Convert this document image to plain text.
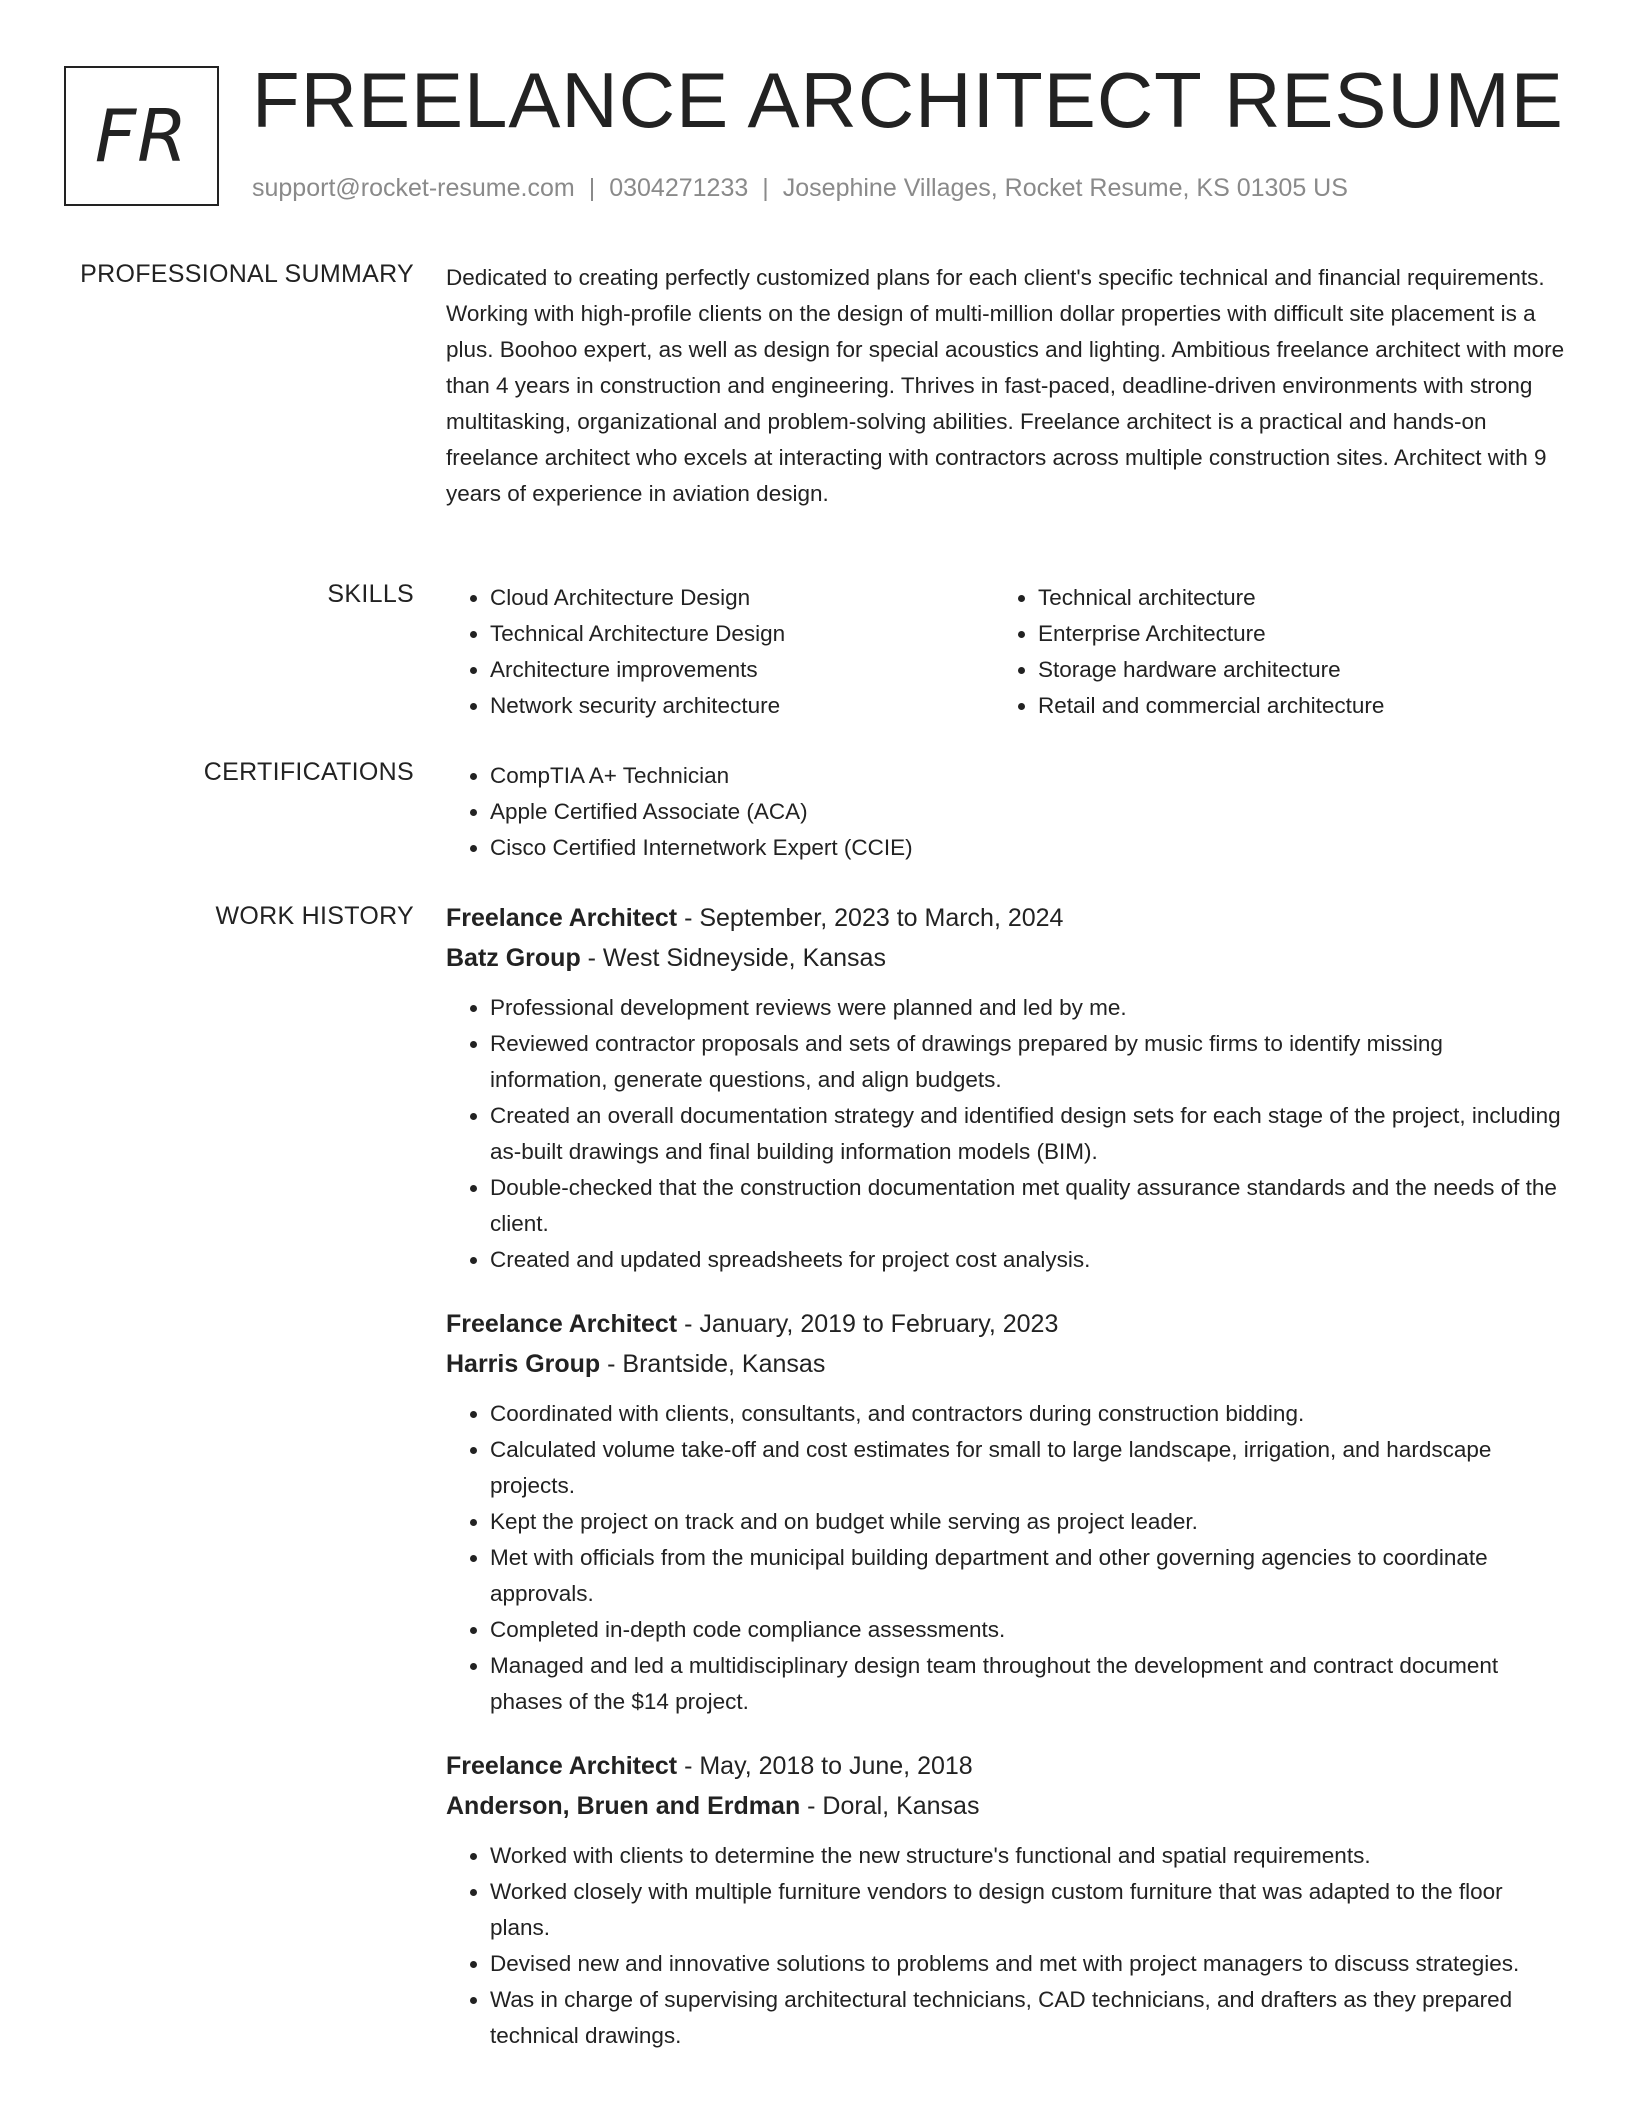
FR FREELANCE ARCHITECT RESUME
support@rocket-resume.com | 0304271233 | Josephine Villages, Rocket Resume, KS 01305 US
PROFESSIONAL SUMMARY Dedicated to creating perfectly customized plans for each client's specific technical and financial requirements. Working with high-profile clients on the design of multi-million dollar properties with difficult site placement is a plus. Boohoo expert, as well as design for special acoustics and lighting. Ambitious freelance architect with more than 4 years in construction and engineering. Thrives in fast-paced, deadline-driven environments with strong multitasking, organizational and problem-solving abilities. Freelance architect is a practical and hands-on freelance architect who excels at interacting with contractors across multiple construction sites. Architect with 9 years of experience in aviation design.

SKILLS	• Cloud Architecture Design
• Technical Architecture Design
• Architecture improvements
• Network security architecture
• Technical architecture
• Enterprise Architecture
• Storage hardware architecture
• Retail and commercial architecture
CERTIFICATIONS	• CompTIA A+ Technician
• Apple Certified Associate (ACA)
• Cisco Certified Internetwork Expert (CCIE)
WORK HISTORY Freelance Architect - September, 2023 to March, 2024
Batz Group - West Sidneyside, Kansas
• Professional development reviews were planned and led by me.
• Reviewed contractor proposals and sets of drawings prepared by music firms to identify missing information, generate questions, and align budgets.
• Created an overall documentation strategy and identified design sets for each stage of the project, including as-built drawings and final building information models (BIM).
• Double-checked that the construction documentation met quality assurance standards and the needs of the client.
• Created and updated spreadsheets for project cost analysis.
Freelance Architect - January, 2019 to February, 2023
Harris Group - Brantside, Kansas
• Coordinated with clients, consultants, and contractors during construction bidding.
• Calculated volume take-off and cost estimates for small to large landscape, irrigation, and hardscape projects.
• Kept the project on track and on budget while serving as project leader.
• Met with officials from the municipal building department and other governing agencies to coordinate approvals.
• Completed in-depth code compliance assessments.
• Managed and led a multidisciplinary design team throughout the development and contract document phases of the $14 project.
Freelance Architect - May, 2018 to June, 2018
Anderson, Bruen and Erdman - Doral, Kansas
• Worked with clients to determine the new structure's functional and spatial requirements.
• Worked closely with multiple furniture vendors to design custom furniture that was adapted to the floor plans.
• Devised new and innovative solutions to problems and met with project managers to discuss strategies.
• Was in charge of supervising architectural technicians, CAD technicians, and drafters as they prepared technical drawings.
